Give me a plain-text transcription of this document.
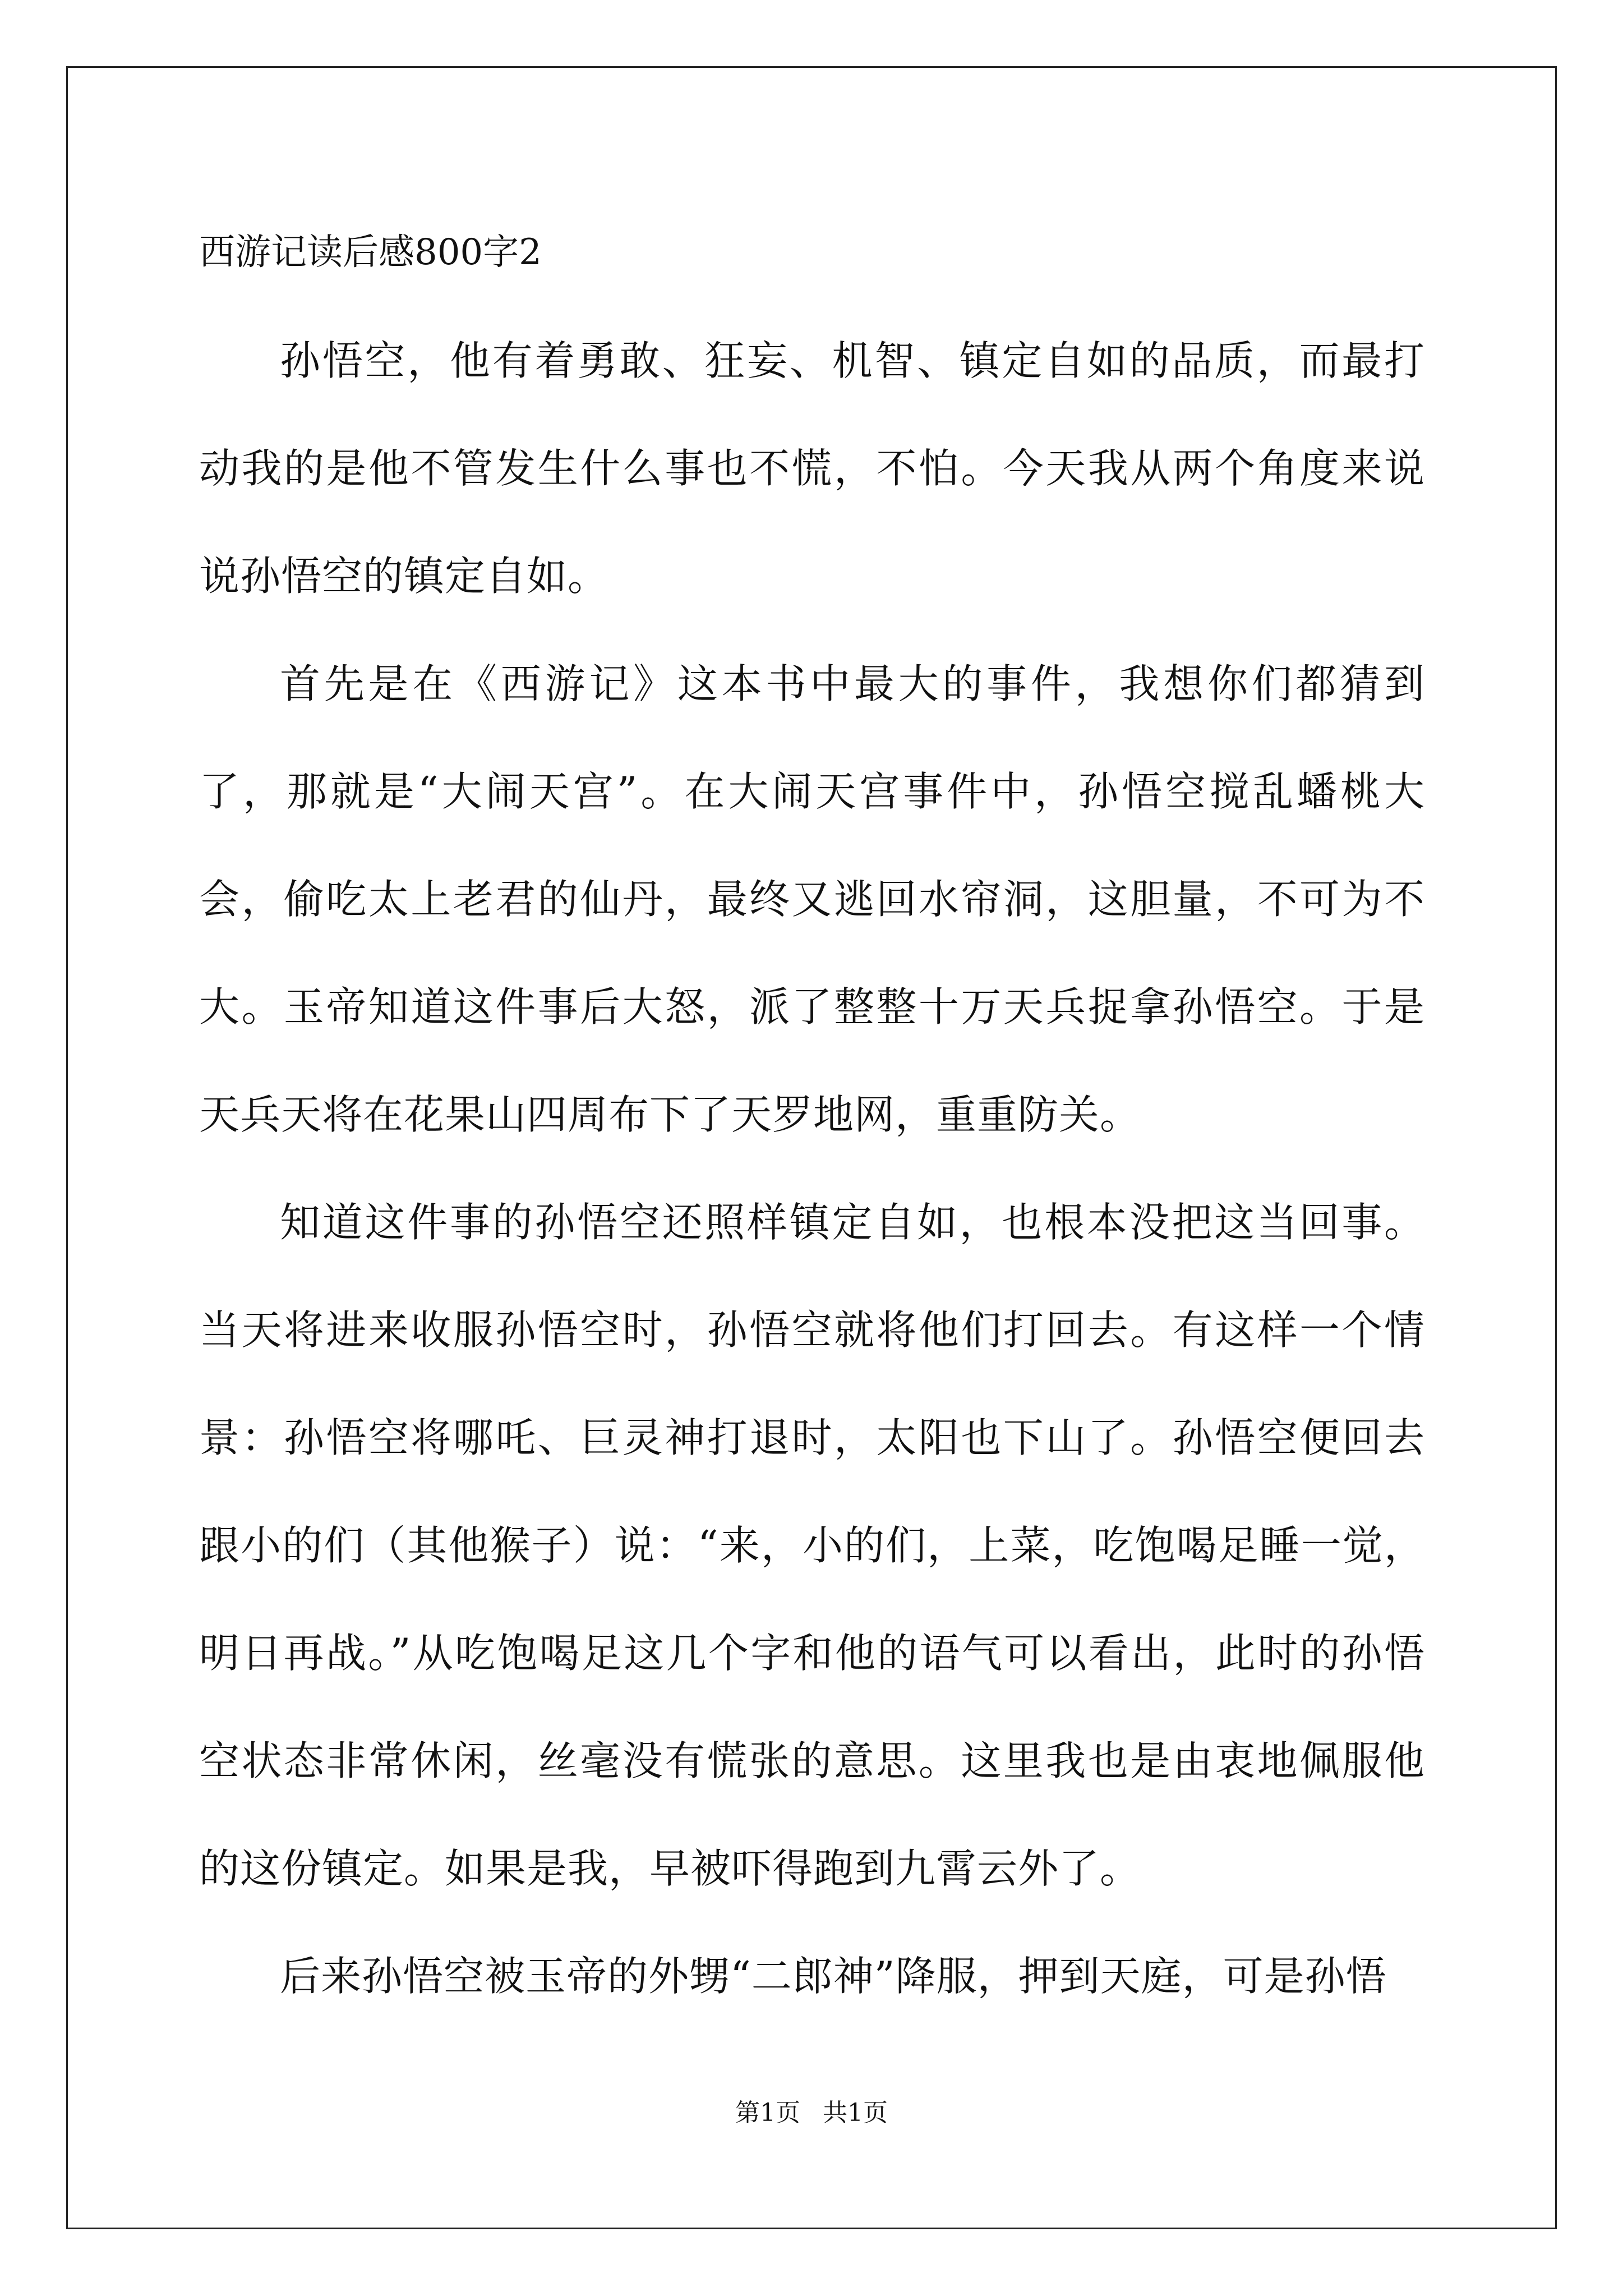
西游记读后感800字2

孙悟空，他有着勇敢、狂妄、机智、镇定自如的品质，而最打动我的是他不管发生什么事也不慌，不怕。今天我从两个角度来说说孙悟空的镇定自如。

首先是在《西游记》这本书中最大的事件，我想你们都猜到了，那就是“大闹天宫”。在大闹天宫事件中，孙悟空搅乱蟠桃大会，偷吃太上老君的仙丹，最终又逃回水帘洞，这胆量，不可为不大。玉帝知道这件事后大怒，派了整整十万天兵捉拿孙悟空。于是天兵天将在花果山四周布下了天罗地网，重重防关。

知道这件事的孙悟空还照样镇定自如，也根本没把这当回事。当天将进来收服孙悟空时，孙悟空就将他们打回去。有这样一个情景：孙悟空将哪吒、巨灵神打退时，太阳也下山了。孙悟空便回去跟小的们（其他猴子）说：“来，小的们，上菜，吃饱喝足睡一觉，明日再战。”从吃饱喝足这几个字和他的语气可以看出，此时的孙悟空状态非常休闲，丝毫没有慌张的意思。这里我也是由衷地佩服他的这份镇定。如果是我，早被吓得跑到九霄云外了。

后来孙悟空被玉帝的外甥“二郎神”降服，押到天庭，可是孙悟

第1页 共1页
